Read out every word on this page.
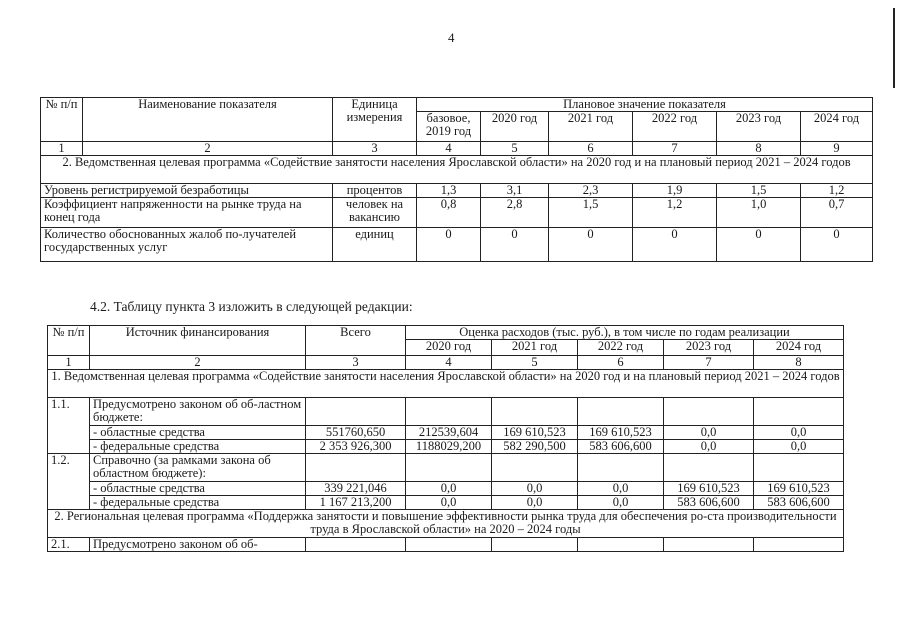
4
№ п/п	Наименование показателя	Единица измерения	Плановое значение показателя					
			базовое, 2019 год	2020 год	2021 год	2022 год	2023 год	2024 год
1	2	3	4	5	6	7	8	9
2. Ведомственная целевая программа «Содействие занятости населения Ярославской области» на 2020 год и на плановый период 2021 – 2024 годов								
Уровень регистрируемой безработицы		процентов	1,3	3,1	2,3	1,9	1,5	1,2
Коэффициент напряженности на рынке труда на конец года		человек на вакансию	0,8	2,8	1,5	1,2	1,0	0,7
Количество обоснованных жалоб по-лучателей государственных услуг		единиц	0	0	0	0	0	0
4.2. Таблицу пункта 3 изложить в следующей редакции:
№ п/п	Источник финансирования	Всего	Оценка расходов (тыс. руб.), в том числе по годам реализации				
			2020 год	2021 год	2022 год	2023 год	2024 год
1	2	3	4	5	6	7	8
1. Ведомственная целевая программа «Содействие занятости населения Ярославской области» на 2020 год и на плановый период 2021 – 2024 годов							
1.1.	Предусмотрено законом об об-ластном бюджете:						
	- областные средства	551760,650	212539,604	169 610,523	169 610,523	0,0	0,0
	- федеральные средства	2 353 926,300	1188029,200	582 290,500	583 606,600	0,0	0,0
1.2.	Справочно (за рамками закона об областном бюджете):						
	- областные средства	339 221,046	0,0	0,0	0,0	169 610,523	169 610,523
	- федеральные средства	1 167 213,200	0,0	0,0	0,0	583 606,600	583 606,600
2. Региональная целевая программа «Поддержка занятости и повышение эффективности рынка труда для обеспечения ро-ста производительности труда в Ярославской области» на 2020 – 2024 годы							
2.1.	Предусмотрено законом об об-						
